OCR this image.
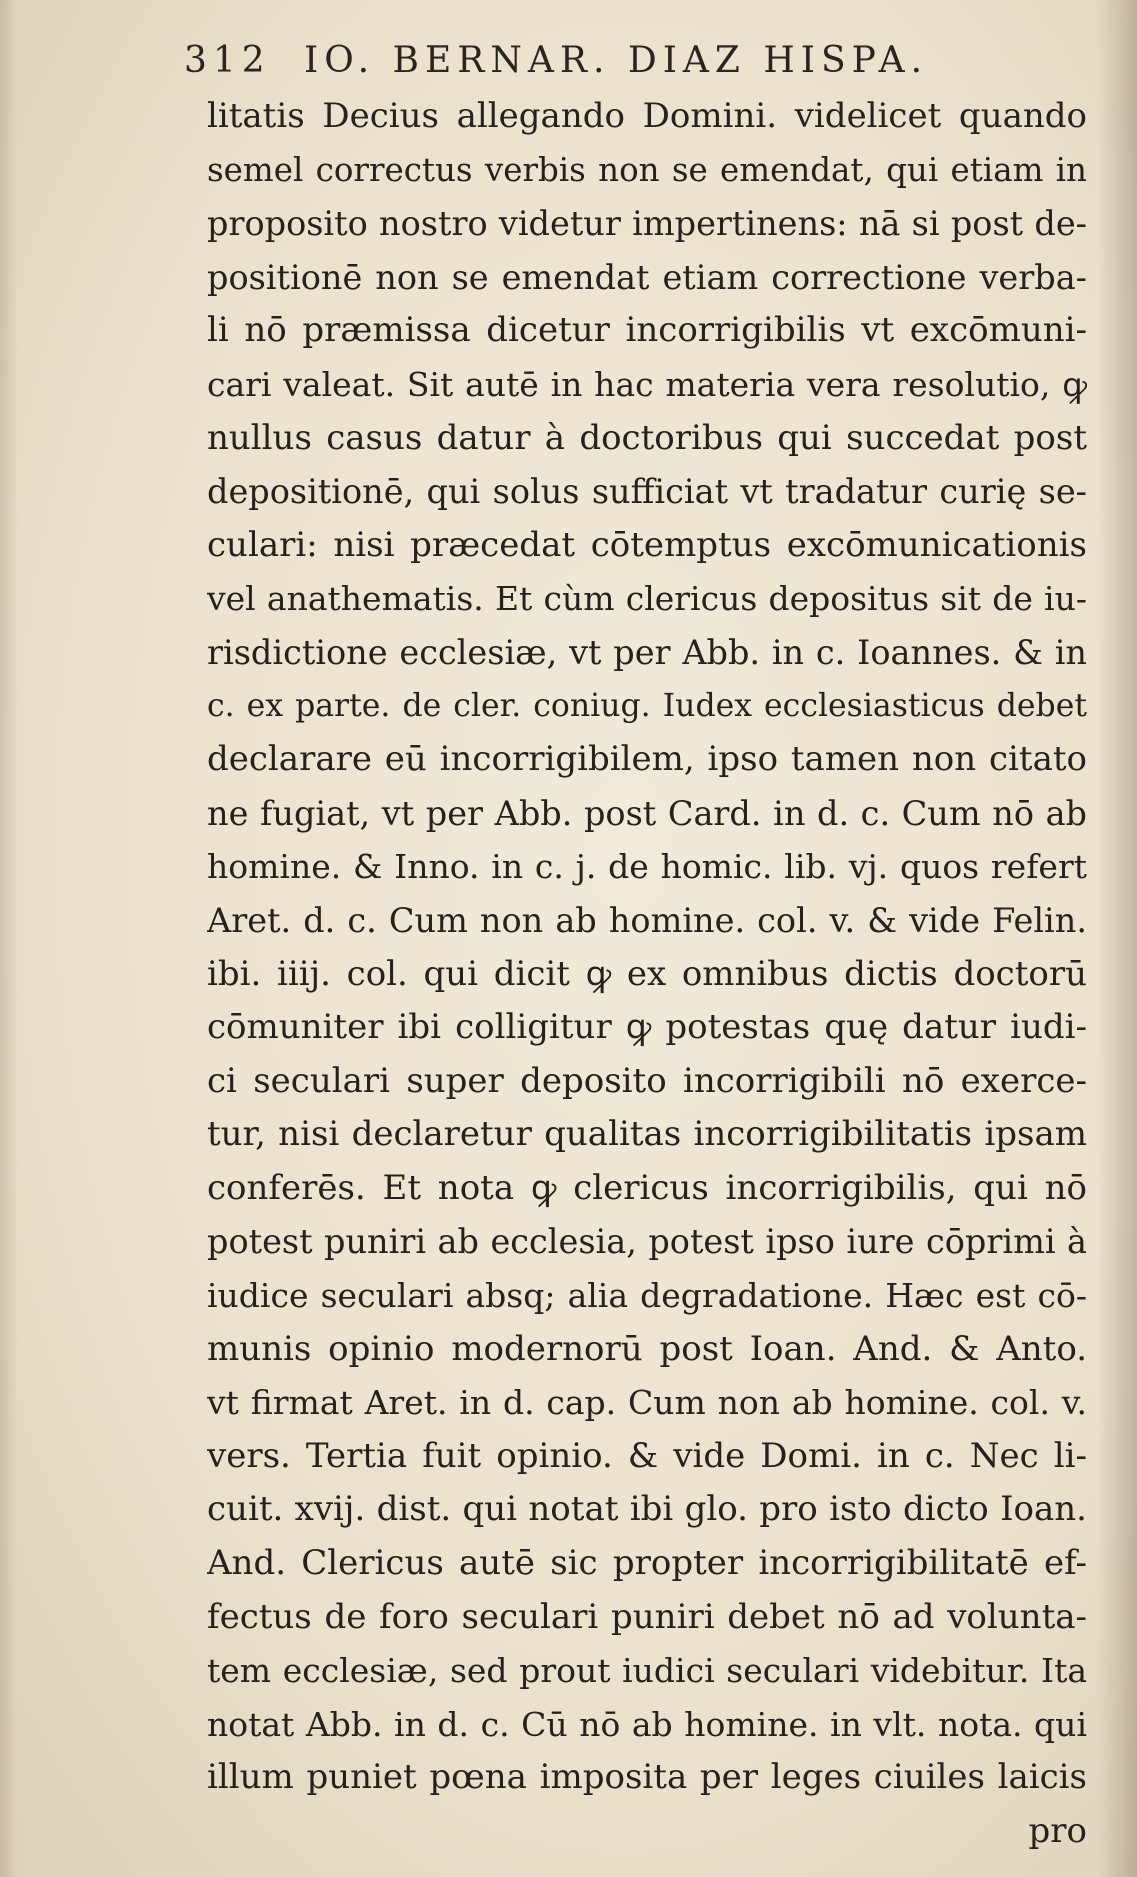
312 IO. BERNAR. DIAZ HISPA.
litatis Decius allegando Domini. videlicet quando
semel correctus verbis non se emendat, qui etiam in
proposito nostro videtur impertinens: nā si post de-
positionē non se emendat etiam correctione verba-
li nō præmissa dicetur incorrigibilis vt excōmuni-
cari valeat. Sit autē in hac materia vera resolutio, ꝙ
nullus casus datur à doctoribus qui succedat post
depositionē, qui solus sufficiat vt tradatur curię se-
culari: nisi præcedat cōtemptus excōmunicationis
vel anathematis. Et cùm clericus depositus sit de iu-
risdictione ecclesiæ, vt per Abb. in c. Ioannes. & in
c. ex parte. de cler. coniug. Iudex ecclesiasticus debet
declarare eū incorrigibilem, ipso tamen non citato
ne fugiat, vt per Abb. post Card. in d. c. Cum nō ab
homine. & Inno. in c. j. de homic. lib. vj. quos refert
Aret. d. c. Cum non ab homine. col. v. & vide Felin.
ibi. iiij. col. qui dicit ꝙ ex omnibus dictis doctorū
cōmuniter ibi colligitur ꝙ potestas quę datur iudi-
ci seculari super deposito incorrigibili nō exerce-
tur, nisi declaretur qualitas incorrigibilitatis ipsam
conferēs. Et nota ꝙ clericus incorrigibilis, qui nō
potest puniri ab ecclesia, potest ipso iure cōprimi à
iudice seculari absq; alia degradatione. Hæc est cō-
munis opinio modernorū post Ioan. And. & Anto.
vt firmat Aret. in d. cap. Cum non ab homine. col. v.
vers. Tertia fuit opinio. & vide Domi. in c. Nec li-
cuit. xvij. dist. qui notat ibi glo. pro isto dicto Ioan.
And. Clericus autē sic propter incorrigibilitatē ef-
fectus de foro seculari puniri debet nō ad volunta-
tem ecclesiæ, sed prout iudici seculari videbitur. Ita
notat Abb. in d. c. Cū nō ab homine. in vlt. nota. qui
illum puniet pœna imposita per leges ciuiles laicis
pro
